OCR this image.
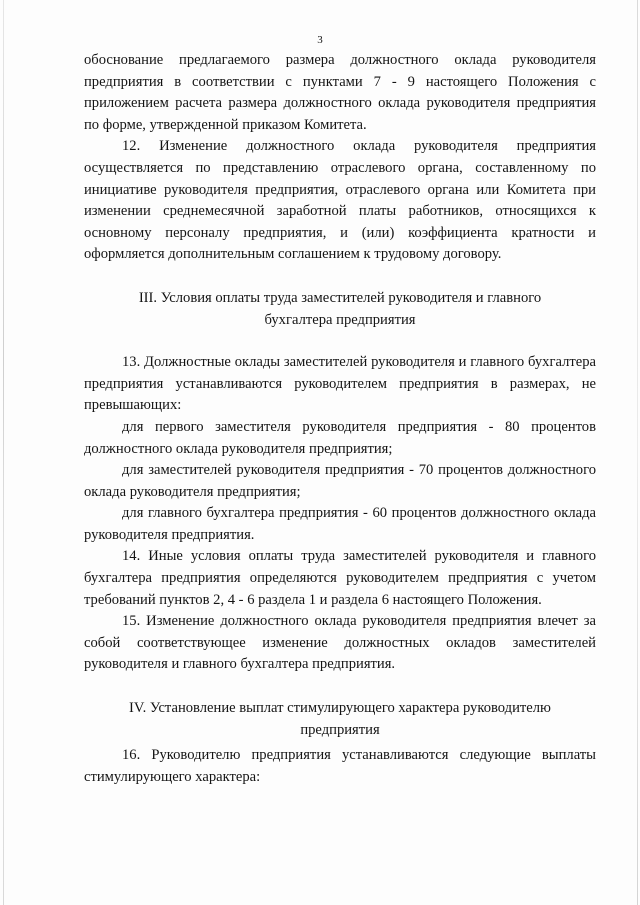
3

обоснование предлагаемого размера должностного оклада руководителя предприятия в соответствии с пунктами 7 - 9 настоящего Положения с приложением расчета размера должностного оклада руководителя предприятия по форме, утвержденной приказом Комитета.

12. Изменение должностного оклада руководителя предприятия осуществляется по представлению отраслевого органа, составленному по инициативе руководителя предприятия, отраслевого органа или Комитета при изменении среднемесячной заработной платы работников, относящихся к основному персоналу предприятия, и (или) коэффициента кратности и оформляется дополнительным соглашением к трудовому договору.

III. Условия оплаты труда заместителей руководителя и главного

бухгалтера предприятия

13. Должностные оклады заместителей руководителя и главного бухгалтера предприятия устанавливаются руководителем предприятия в размерах, не превышающих:

для первого заместителя руководителя предприятия - 80 процентов должностного оклада руководителя предприятия;

для заместителей руководителя предприятия - 70 процентов должностного оклада руководителя предприятия;

для главного бухгалтера предприятия - 60 процентов должностного оклада руководителя предприятия.

14. Иные условия оплаты труда заместителей руководителя и главного бухгалтера предприятия определяются руководителем предприятия с учетом требований пунктов 2, 4 - 6 раздела 1 и раздела 6 настоящего Положения.

15. Изменение должностного оклада руководителя предприятия влечет за собой соответствующее изменение должностных окладов заместителей руководителя и главного бухгалтера предприятия.

IV. Установление выплат стимулирующего характера руководителю

предприятия

16. Руководителю предприятия устанавливаются следующие выплаты стимулирующего характера:
